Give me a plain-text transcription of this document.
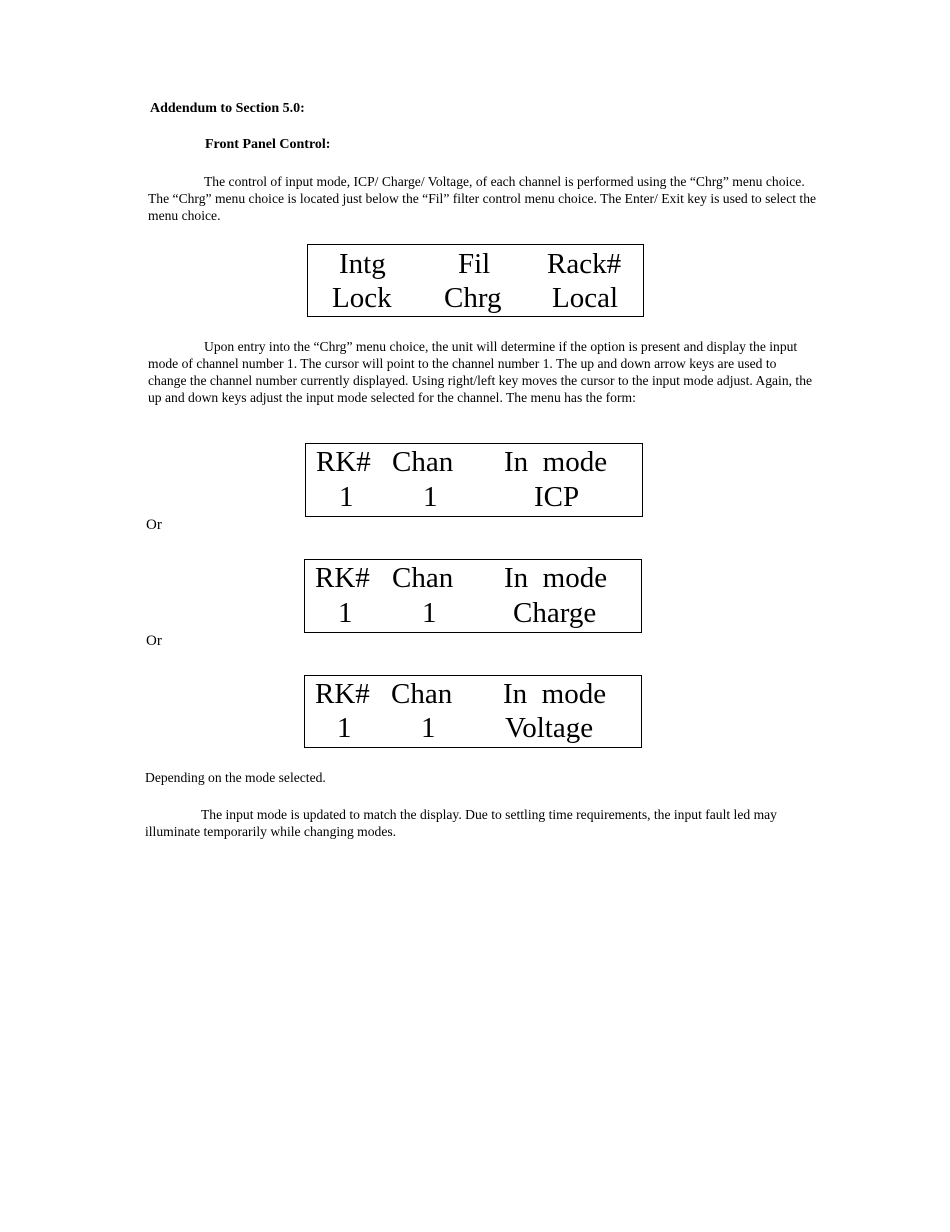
Addendum to Section 5.0:
Front Panel Control:

The control of input mode, ICP/ Charge/ Voltage, of each channel is performed using the “Chrg” menu choice. The “Chrg” menu choice is located just below the “Fil” filter control menu choice. The Enter/ Exit key is used to select the menu choice.

Intg Fil Rack#
Lock Chrg Local

Upon entry into the “Chrg” menu choice, the unit will determine if the option is present and display the input mode of channel number 1. The cursor will point to the channel number 1. The up and down arrow keys are used to change the channel number currently displayed. Using right/left key moves the cursor to the input mode adjust. Again, the up and down keys adjust the input mode selected for the channel. The menu has the form:

RK# Chan In  mode
1 1	ICP
Or
RK# Chan In  mode
1 1	Charge
Or
RK# Chan In  mode
1 1 Voltage

Depending on the mode selected.

The input mode is updated to match the display. Due to settling time requirements, the input fault led may illuminate temporarily while changing modes.
